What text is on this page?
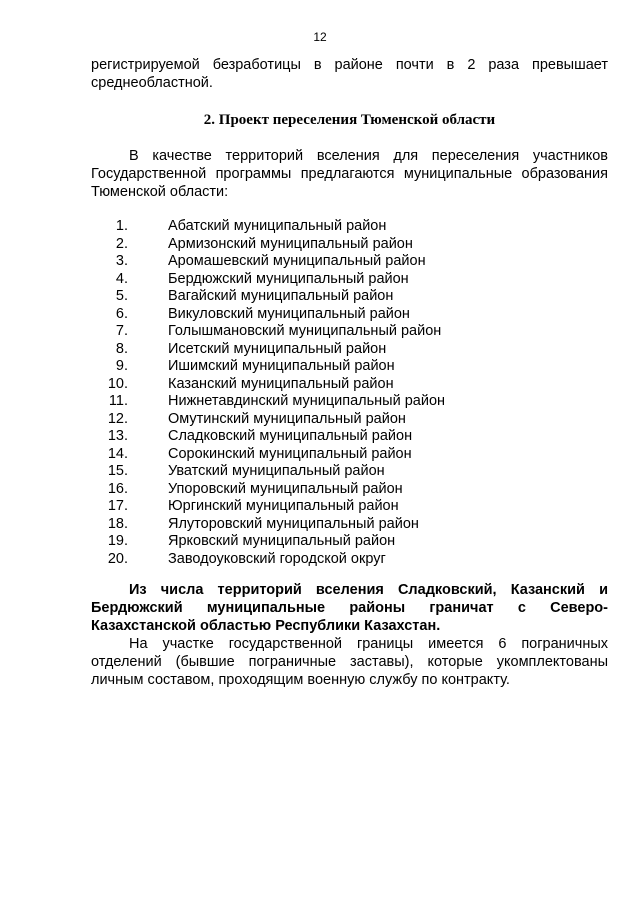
12

регистрируемой безработицы в районе почти в 2 раза превышает

среднеобластной.

2. Проект переселения Тюменской области

В качестве территорий вселения для переселения участников Государственной программы предлагаются муниципальные образования Тюменской области:

1.	Абатский муниципальный район
2.	Армизонский муниципальный район
3.	Аромашевский муниципальный район
4.	Бердюжский муниципальный район
5.	Вагайский муниципальный район
6.	Викуловский муниципальный район
7.	Голышмановский муниципальный район
8.	Исетский муниципальный район
9.	Ишимский муниципальный район
10.	Казанский муниципальный район
11.	Нижнетавдинский муниципальный район
12.	Омутинский муниципальный район
13.	Сладковский муниципальный район
14.	Сорокинский муниципальный район
15.	Уватский муниципальный район
16.	Упоровский муниципальный район
17.	Юргинский муниципальный район
18.	Ялуторовский муниципальный район
19.	Ярковский муниципальный район
20.	Заводоуковский городской округ

Из числа территорий вселения Сладковский, Казанский и Бердюжский муниципальные районы граничат с Северо-Казахстанской областью Республики Казахстан.

На участке государственной границы имеется 6 пограничных отделений (бывшие пограничные заставы), которые укомплектованы личным составом, проходящим военную службу по контракту.
